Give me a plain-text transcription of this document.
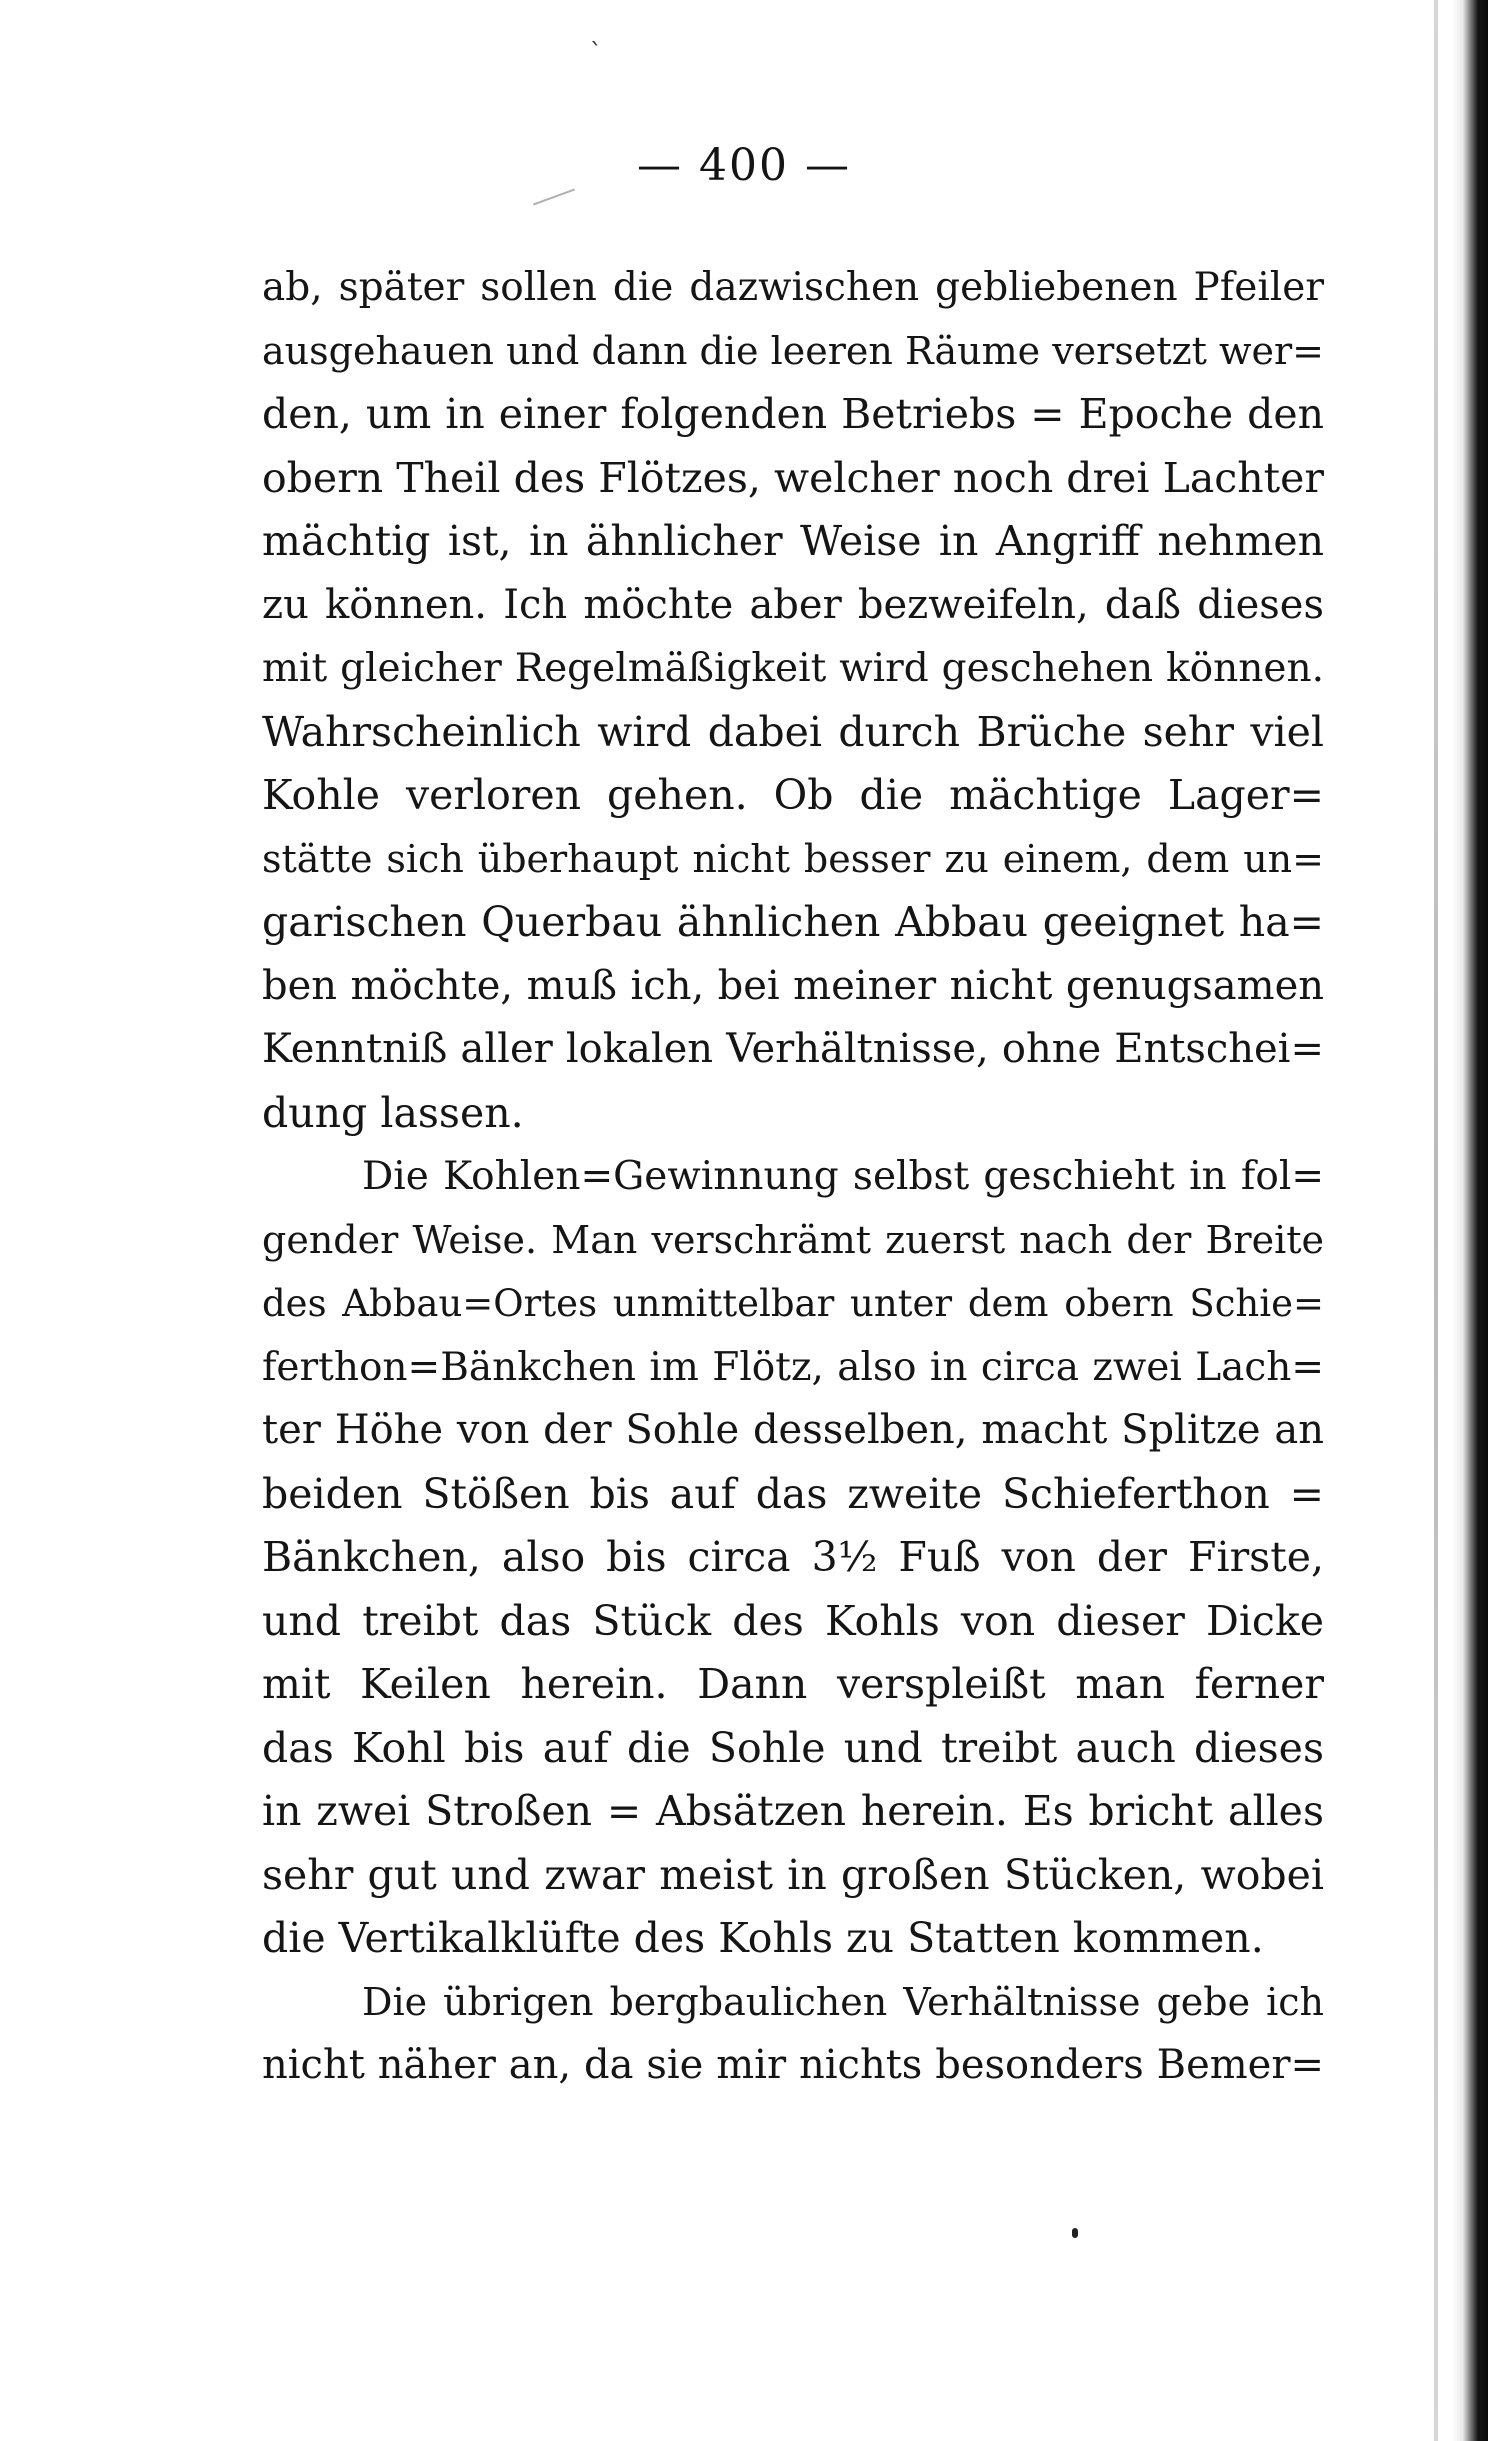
ˎ
— 400 —
ab, später sollen die dazwischen gebliebenen Pfeiler
ausgehauen und dann die leeren Räume versetzt wer=
den, um in einer folgenden Betriebs = Epoche den
obern Theil des Flötzes, welcher noch drei Lachter
mächtig ist, in ähnlicher Weise in Angriff nehmen
zu können. Ich möchte aber bezweifeln, daß dieses
mit gleicher Regelmäßigkeit wird geschehen können.
Wahrscheinlich wird dabei durch Brüche sehr viel
Kohle verloren gehen. Ob die mächtige Lager=
stätte sich überhaupt nicht besser zu einem, dem un=
garischen Querbau ähnlichen Abbau geeignet ha=
ben möchte, muß ich, bei meiner nicht genugsamen
Kenntniß aller lokalen Verhältnisse, ohne Entschei=
dung lassen.
Die Kohlen=Gewinnung selbst geschieht in fol=
gender Weise. Man verschrämt zuerst nach der Breite
des Abbau=Ortes unmittelbar unter dem obern Schie=
ferthon=Bänkchen im Flötz, also in circa zwei Lach=
ter Höhe von der Sohle desselben, macht Splitze an
beiden Stößen bis auf das zweite Schieferthon =
Bänkchen, also bis circa 3½ Fuß von der Firste,
und treibt das Stück des Kohls von dieser Dicke
mit Keilen herein. Dann verspleißt man ferner
das Kohl bis auf die Sohle und treibt auch dieses
in zwei Stroßen = Absätzen herein. Es bricht alles
sehr gut und zwar meist in großen Stücken, wobei
die Vertikalklüfte des Kohls zu Statten kommen.
Die übrigen bergbaulichen Verhältnisse gebe ich
nicht näher an, da sie mir nichts besonders Bemer=
